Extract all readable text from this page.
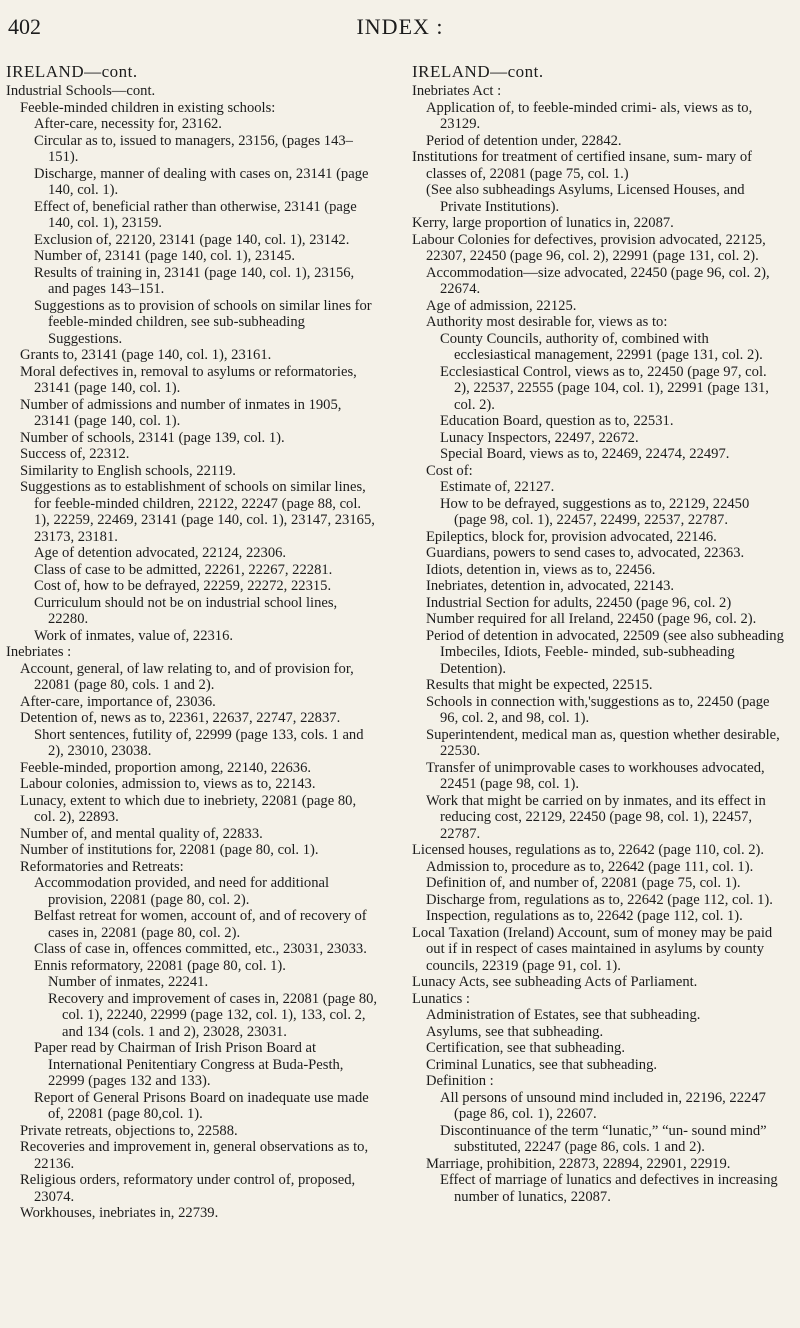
402	INDEX :
IRELAND—cont.

Industrial Schools—cont.

Feeble-minded children in existing schools:

After-care, necessity for, 23162.

Circular as to, issued to managers, 23156, (pages 143–151).

Discharge, manner of dealing with cases on, 23141 (page 140, col. 1).

Effect of, beneficial rather than otherwise, 23141 (page 140, col. 1), 23159.

Exclusion of, 22120, 23141 (page 140, col. 1), 23142.

Number of, 23141 (page 140, col. 1), 23145.

Results of training in, 23141 (page 140, col. 1), 23156, and pages 143–151.

Suggestions as to provision of schools on similar lines for feeble-minded children, see sub-subheading Suggestions.

Grants to, 23141 (page 140, col. 1), 23161.

Moral defectives in, removal to asylums or reformatories, 23141 (page 140, col. 1).

Number of admissions and number of inmates in 1905, 23141 (page 140, col. 1).

Number of schools, 23141 (page 139, col. 1).

Success of, 22312.

Similarity to English schools, 22119.

Suggestions as to establishment of schools on similar lines, for feeble-minded children, 22122, 22247 (page 88, col. 1), 22259, 22469, 23141 (page 140, col. 1), 23147, 23165, 23173, 23181.

Age of detention advocated, 22124, 22306.

Class of case to be admitted, 22261, 22267, 22281.

Cost of, how to be defrayed, 22259, 22272, 22315.

Curriculum should not be on industrial school lines, 22280.

Work of inmates, value of, 22316.

Inebriates :

Account, general, of law relating to, and of provision for, 22081 (page 80, cols. 1 and 2).

After-care, importance of, 23036.

Detention of, news as to, 22361, 22637, 22747, 22837.

Short sentences, futility of, 22999 (page 133, cols. 1 and 2), 23010, 23038.

Feeble-minded, proportion among, 22140, 22636.

Labour colonies, admission to, views as to, 22143.

Lunacy, extent to which due to inebriety, 22081 (page 80, col. 2), 22893.

Number of, and mental quality of, 22833.

Number of institutions for, 22081 (page 80, col. 1).

Reformatories and Retreats:

Accommodation provided, and need for additional provision, 22081 (page 80, col. 2).

Belfast retreat for women, account of, and of recovery of cases in, 22081 (page 80, col. 2).

Class of case in, offences committed, etc., 23031, 23033.

Ennis reformatory, 22081 (page 80, col. 1).

Number of inmates, 22241.

Recovery and improvement of cases in, 22081 (page 80, col. 1), 22240, 22999 (page 132, col. 1), 133, col. 2, and 134 (cols. 1 and 2), 23028, 23031.

Paper read by Chairman of Irish Prison Board at International Penitentiary Congress at Buda-Pesth, 22999 (pages 132 and 133).

Report of General Prisons Board on inadequate use made of, 22081 (page 80,col. 1).

Private retreats, objections to, 22588.

Recoveries and improvement in, general observations as to, 22136.

Religious orders, reformatory under control of, proposed, 23074.

Workhouses, inebriates in, 22739.

IRELAND—cont.

Inebriates Act :

Application of, to feeble-minded crimi- als, views as to, 23129.

Period of detention under, 22842.

Institutions for treatment of certified insane, sum- mary of classes of, 22081 (page 75, col. 1.)

(See also subheadings Asylums, Licensed Houses, and Private Institutions).

Kerry, large proportion of lunatics in, 22087.

Labour Colonies for defectives, provision advocated, 22125, 22307, 22450 (page 96, col. 2), 22991 (page 131, col. 2).

Accommodation—size advocated, 22450 (page 96, col. 2), 22674.

Age of admission, 22125.

Authority most desirable for, views as to:

County Councils, authority of, combined with ecclesiastical management, 22991 (page 131, col. 2).

Ecclesiastical Control, views as to, 22450 (page 97, col. 2), 22537, 22555 (page 104, col. 1), 22991 (page 131, col. 2).

Education Board, question as to, 22531.

Lunacy Inspectors, 22497, 22672.

Special Board, views as to, 22469, 22474, 22497.

Cost of:

Estimate of, 22127.

How to be defrayed, suggestions as to, 22129, 22450 (page 98, col. 1), 22457, 22499, 22537, 22787.

Epileptics, block for, provision advocated, 22146.

Guardians, powers to send cases to, advocated, 22363.

Idiots, detention in, views as to, 22456.

Inebriates, detention in, advocated, 22143.

Industrial Section for adults, 22450 (page 96, col. 2)

Number required for all Ireland, 22450 (page 96, col. 2).

Period of detention in advocated, 22509 (see also subheading Imbeciles, Idiots, Feeble- minded, sub-subheading Detention).

Results that might be expected, 22515.

Schools in connection with,'suggestions as to, 22450 (page 96, col. 2, and 98, col. 1).

Superintendent, medical man as, question whether desirable, 22530.

Transfer of unimprovable cases to workhouses advocated, 22451 (page 98, col. 1).

Work that might be carried on by inmates, and its effect in reducing cost, 22129, 22450 (page 98, col. 1), 22457, 22787.

Licensed houses, regulations as to, 22642 (page 110, col. 2).

Admission to, procedure as to, 22642 (page 111, col. 1).

Definition of, and number of, 22081 (page 75, col. 1).

Discharge from, regulations as to, 22642 (page 112, col. 1).

Inspection, regulations as to, 22642 (page 112, col. 1).

Local Taxation (Ireland) Account, sum of money may be paid out if in respect of cases maintained in asylums by county councils, 22319 (page 91, col. 1).

Lunacy Acts, see subheading Acts of Parliament.

Lunatics :

Administration of Estates, see that subheading.

Asylums, see that subheading.

Certification, see that subheading.

Criminal Lunatics, see that subheading.

Definition :

All persons of unsound mind included in, 22196, 22247 (page 86, col. 1), 22607.

Discontinuance of the term “lunatic,” “un- sound mind” substituted, 22247 (page 86, cols. 1 and 2).

Marriage, prohibition, 22873, 22894, 22901, 22919.

Effect of marriage of lunatics and defectives in increasing number of lunatics, 22087.
